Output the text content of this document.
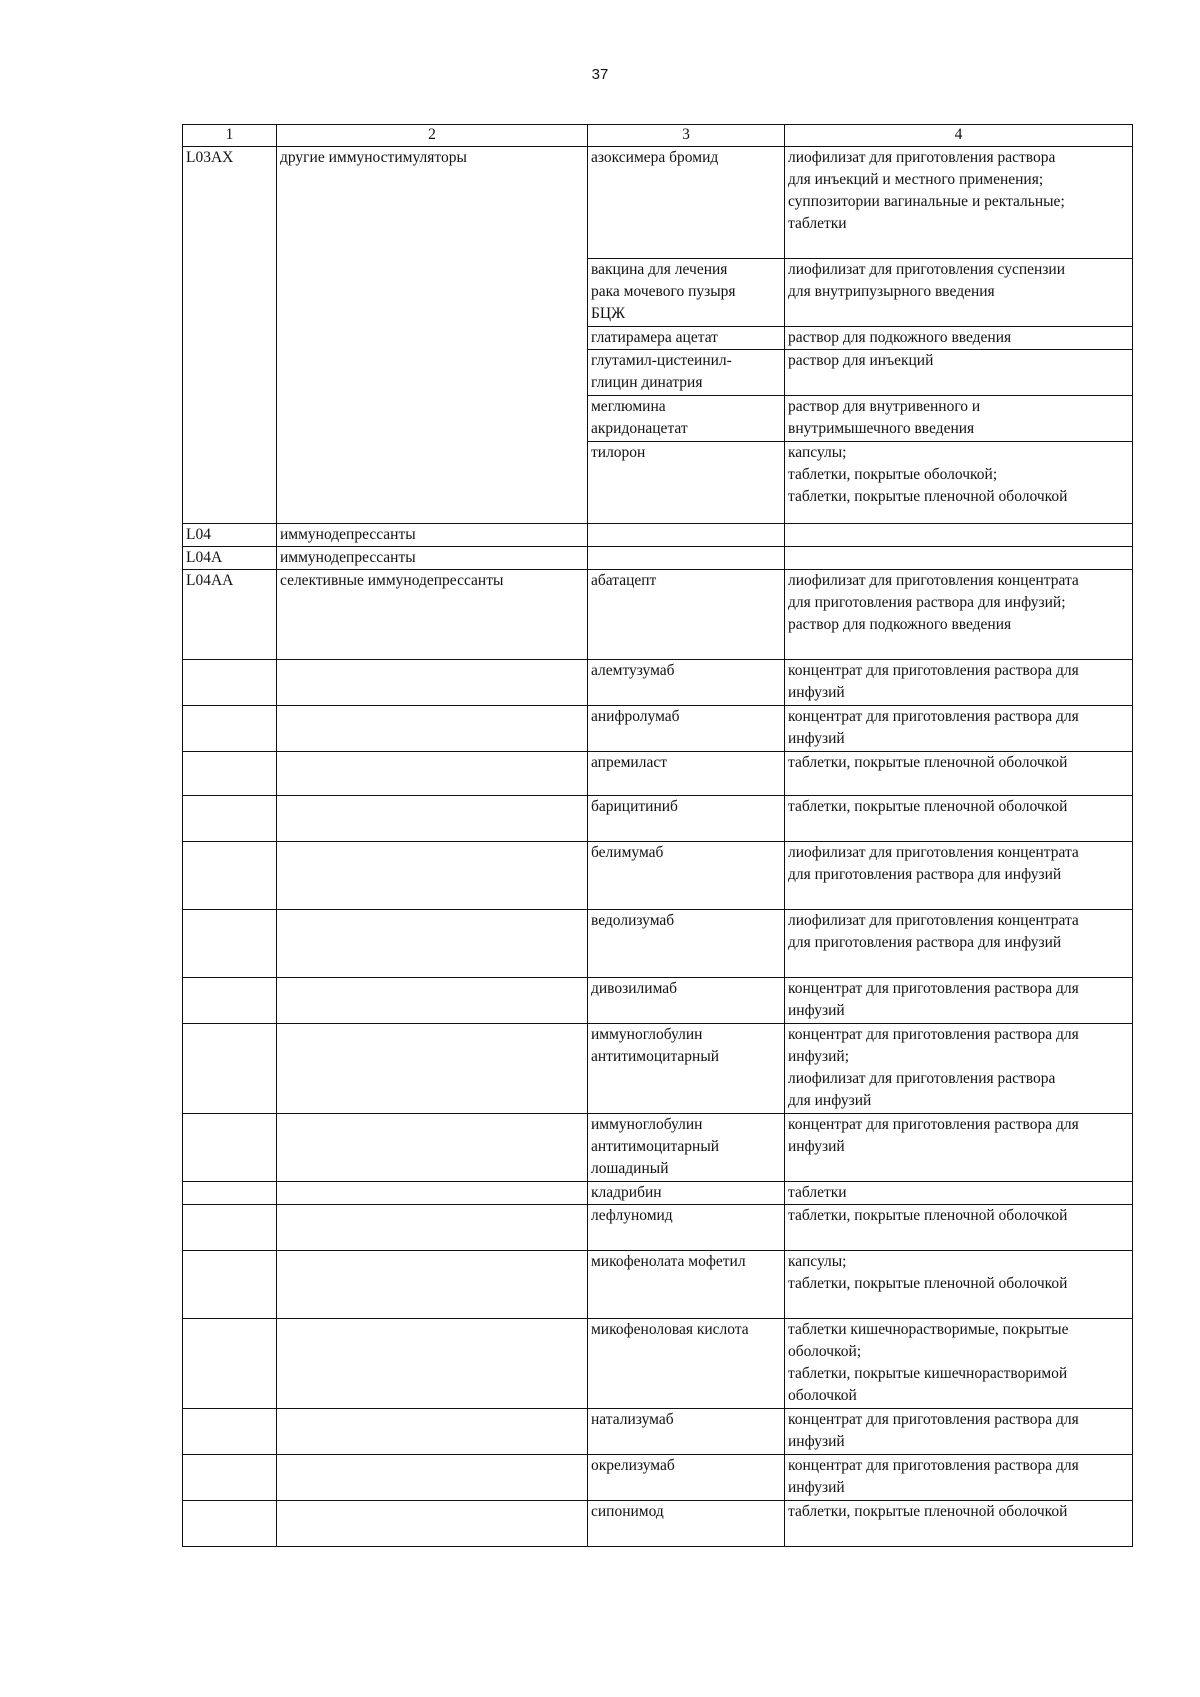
37
1	2	3	4
L03AX	другие иммуностимуляторы	азоксимера бромид	лиофилизат для приготовления раствора
для инъекций и местного применения;
суппозитории вагинальные и ректальные;
таблетки

		вакцина для лечения
рака мочевого пузыря
БЦЖ	лиофилизат для приготовления суспензии
для внутрипузырного введения

		глатирамера ацетат	раствор для подкожного введения

		глутамил-цистеинил-
глицин динатрия	раствор для инъекций

		меглюмина
акридонацетат	раствор для внутривенного и
внутримышечного введения

		тилорон	капсулы;
таблетки, покрытые оболочкой;
таблетки, покрытые пленочной оболочкой

L04	иммунодепрессанты		
L04A	иммунодепрессанты		
L04AA	селективные иммунодепрессанты	абатацепт	лиофилизат для приготовления концентрата
для приготовления раствора для инфузий;
раствор для подкожного введения

		алемтузумаб	концентрат для приготовления раствора для
инфузий

		анифролумаб	концентрат для приготовления раствора для
инфузий

		апремиласт	таблетки, покрытые пленочной оболочкой

		барицитиниб	таблетки, покрытые пленочной оболочкой

		белимумаб	лиофилизат для приготовления концентрата
для приготовления раствора для инфузий

		ведолизумаб	лиофилизат для приготовления концентрата
для приготовления раствора для инфузий

		дивозилимаб	концентрат для приготовления раствора для
инфузий

		иммуноглобулин
антитимоцитарный	концентрат для приготовления раствора для
инфузий;
лиофилизат для приготовления раствора
для инфузий

		иммуноглобулин
антитимоцитарный
лошадиный	концентрат для приготовления раствора для
инфузий

		кладрибин	таблетки

		лефлуномид	таблетки, покрытые пленочной оболочкой

		микофенолата мофетил	капсулы;
таблетки, покрытые пленочной оболочкой

		микофеноловая кислота	таблетки кишечнорастворимые, покрытые
оболочкой;
таблетки, покрытые кишечнорастворимой
оболочкой

		натализумаб	концентрат для приготовления раствора для
инфузий

		окрелизумаб	концентрат для приготовления раствора для
инфузий

		сипонимод	таблетки, покрытые пленочной оболочкой
